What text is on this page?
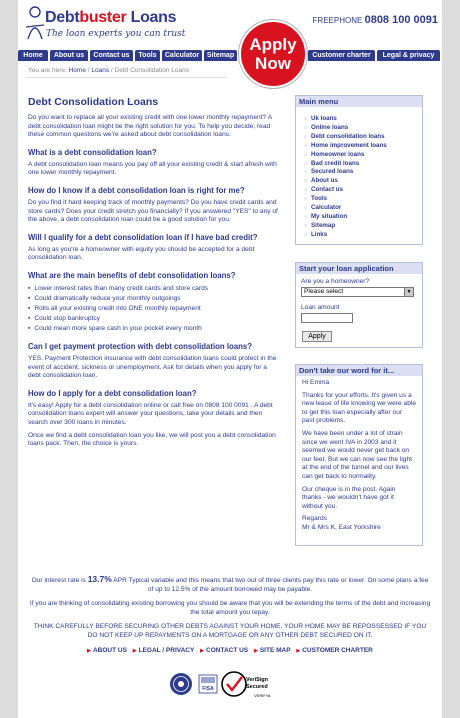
Debtbuster Loans
The loan experts you can trust
FREEPHONE 0808 100 0091
Home	About us	Contact us	Tools	Calculator	Sitemap	Customer charter	Legal & privacy
Apply
Now
You are here: Home / Loans / Debt Consolidation Loans
Debt Consolidation Loans

Do you want to replace all your existing credit with one lower monthly repayment? A debt consolidation loan might be the right solution for you. To help you decide, read these common questions we're asked about debt consolidation loans.

What is a debt consolidation loan?

A debt consolidation loan means you pay off all your existing credit & start afresh with one lower monthly repayment.

How do I know if a debt consolidation loan is right for me?

Do you find it hard keeping track of monthly payments? Do you have credit cards and store cards? Does your credit stretch you financially? If you answered "YES" to any of the above, a debt consolidation loan could be a good solution for you.

Will I qualify for a debt consolidation loan if I have bad credit?

As long as you're a homeowner with equity you should be accepted for a debt consolidation loan.

What are the main benefits of debt consolidation loans?
▪ Lower interest rates than many credit cards and store cards
▪ Could dramatically reduce your monthly outgoings
▪ Rolls all your existing credit into ONE monthly repayment
▪ Could stop bankruptcy
▪ Could mean more spare cash in your pocket every month
Can I get payment protection with debt consolidation loans?

YES. Payment Protection insurance with debt consolidation loans could protect in the event of accident, sickness or unemployment. Ask for details when you apply for a debt consolidation loan.

How do I apply for a debt consolidation loan?

It's easy! Apply for a debt consolidation online or call free on 0808 100 0091 . A debt consolidation loans expert will answer your questions, take your details and then search over 300 loans in minutes.

Once we find a debt consolidation loan you like, we will post you a debt consolidation loans pack. Then, the choice is yours.

Main menu
○ Uk loans
○ Online loans
○ Debt consolidation loans
○ Home improvement loans
○ Homeowner loans
○ Bad credit loans
○ Secured loans
○ About us
○ Contact us
○ Tools
○ Calculator
○ My situation
○ Sitemap
○ Links
Start your loan application
Are you a homeowner?
Please select	▼
Loan amount
Apply
Don't take our word for it...

Hi Emma

Thanks for your efforts. It's given us a new lease of life knowing we were able to get this loan especially after our past problems.

We have been under a lot of strain since we went IVA in 2003 and it seemed we would never get back on our feet. But we can now see the light at the end of the tunnel and our lives can get back to normality.

Our cheque is in the post. Again thanks - we wouldn't have got it without you.

Regards
Mr & Mrs K, East Yorkshire

Our interest rate is 13.7% APR Typical variable and this means that two out of three clients pay this rate or lower. On some plans a fee of up to 12.5% of the amount borrowed may be payable.

If you are thinking of consolidating existing borrowing you should be aware that you will be extending the terms of the debt and increasing the total amount you repay.

THINK CAREFULLY BEFORE SECURING OTHER DEBTS AGAINST YOUR HOME. YOUR HOME MAY BE REPOSSESSED IF YOU DO NOT KEEP UP REPAYMENTS ON A MORTGAGE OR ANY OTHER DEBT SECURED ON IT.

▶ ABOUT US ▶ LEGAL / PRIVACY ▶ CONTACT US ▶ SITE MAP ▶ CUSTOMER CHARTER
FISA
VeriSign
Secured
VERIFY▸
